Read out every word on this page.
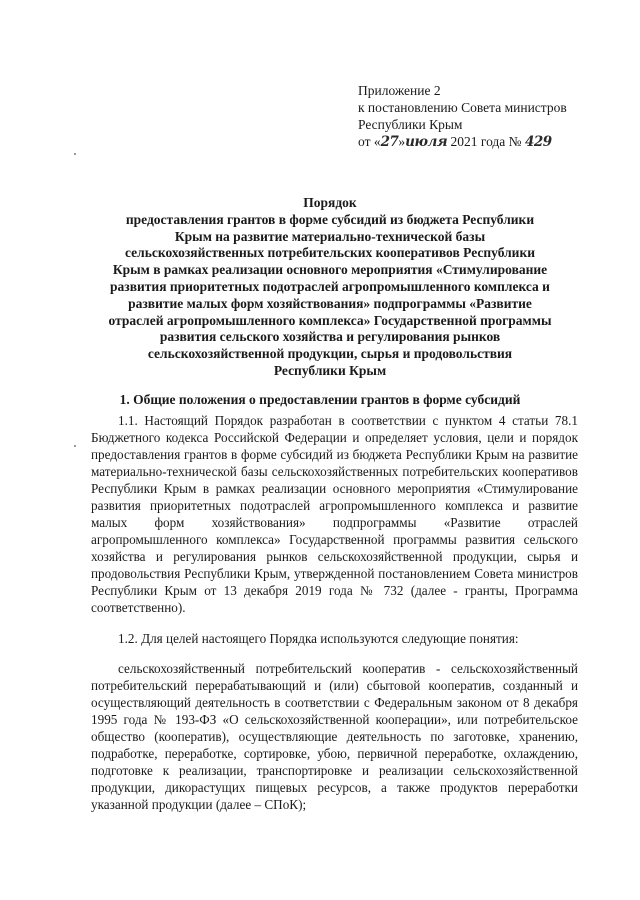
Приложение 2
к постановлению Совета министров
Республики Крым
от «27»июля 2021 года № 429
Порядок
предоставления грантов в форме субсидий из бюджета Республики
Крым на развитие материально-технической базы
сельскохозяйственных потребительских кооперативов Республики
Крым в рамках реализации основного мероприятия «Стимулирование
развития приоритетных подотраслей агропромышленного комплекса и
развитие малых форм хозяйствования» подпрограммы «Развитие
отраслей агропромышленного комплекса» Государственной программы
развития сельского хозяйства и регулирования рынков
сельскохозяйственной продукции, сырья и продовольствия
Республики Крым
1. Общие положения о предоставлении грантов в форме субсидий
1.1. Настоящий Порядок разработан в соответствии с пунктом 4 статьи 78.1 Бюджетного кодекса Российской Федерации и определяет условия, цели и порядок предоставления грантов в форме субсидий из бюджета Республики Крым на развитие материально-технической базы сельскохозяйственных потребительских кооперативов Республики Крым в рамках реализации основного мероприятия «Стимулирование развития приоритетных подотраслей агропромышленного комплекса и развитие малых форм хозяйствования» подпрограммы «Развитие отраслей агропромышленного комплекса» Государственной программы развития сельского хозяйства и регулирования рынков сельскохозяйственной продукции, сырья и продовольствия Республики Крым, утвержденной постановлением Совета министров Республики Крым от 13 декабря 2019 года № 732 (далее - гранты, Программа соответственно).
1.2. Для целей настоящего Порядка используются следующие понятия:
сельскохозяйственный потребительский кооператив - сельскохозяйственный потребительский перерабатывающий и (или) сбытовой кооператив, созданный и осуществляющий деятельность в соответствии с Федеральным законом от 8 декабря 1995 года № 193-ФЗ «О сельскохозяйственной кооперации», или потребительское общество (кооператив), осуществляющие деятельность по заготовке, хранению, подработке, переработке, сортировке, убою, первичной переработке, охлаждению, подготовке к реализации, транспортировке и реализации сельскохозяйственной продукции, дикорастущих пищевых ресурсов, а также продуктов переработки указанной продукции (далее – СПоК);
